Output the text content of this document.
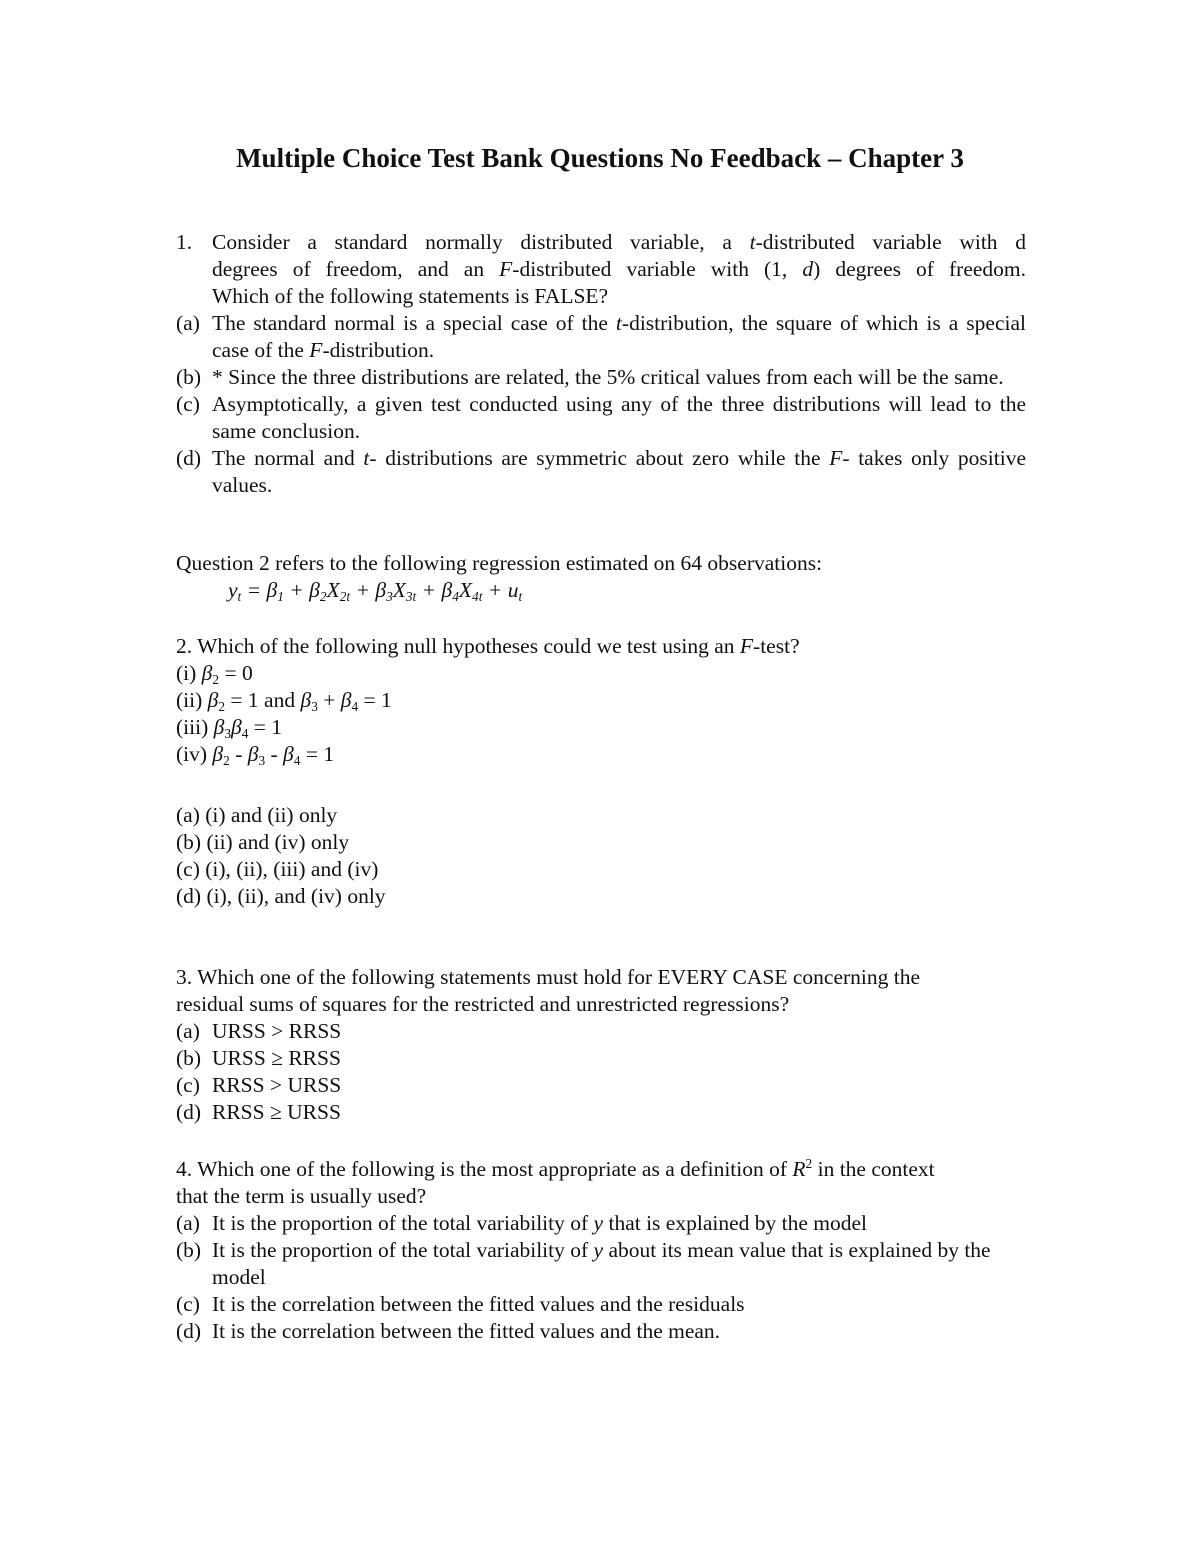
Multiple Choice Test Bank Questions No Feedback – Chapter 3
1. Consider a standard normally distributed variable, a t-distributed variable with d
degrees of freedom, and an F-distributed variable with (1, d) degrees of freedom.
Which of the following statements is FALSE?
(a) The standard normal is a special case of the t-distribution, the square of which is a special case of the F-distribution.
(b) * Since the three distributions are related, the 5% critical values from each will be the same.
(c) Asymptotically, a given test conducted using any of the three distributions will lead to the same conclusion.
(d) The normal and t- distributions are symmetric about zero while the F- takes only positive values.
Question 2 refers to the following regression estimated on 64 observations:
$y_t = \beta_1 + \beta_2X_{2t} + \beta_3X_{3t} + \beta_4X_{4t} + u_t$
2. Which of the following null hypotheses could we test using an F-test?
(i) $\beta_2 = 0$
(ii) $\beta_2 = 1$ and $\beta_3 + \beta_4 = 1$
(iii) $\beta_3\beta_4 = 1$
(iv) $\beta_2 - \beta_3 - \beta_4 = 1$
(a) (i) and (ii) only
(b) (ii) and (iv) only
(c) (i), (ii), (iii) and (iv)
(d) (i), (ii), and (iv) only
3. Which one of the following statements must hold for EVERY CASE concerning the
residual sums of squares for the restricted and unrestricted regressions?
(a) URSS > RRSS
(b) URSS ≥ RRSS
(c) RRSS > URSS
(d) RRSS ≥ URSS
4. Which one of the following is the most appropriate as a definition of $R^2$ in the context
that the term is usually used?
(a) It is the proportion of the total variability of y that is explained by the model
(b) It is the proportion of the total variability of y about its mean value that is explained by the model
(c) It is the correlation between the fitted values and the residuals
(d) It is the correlation between the fitted values and the mean.
